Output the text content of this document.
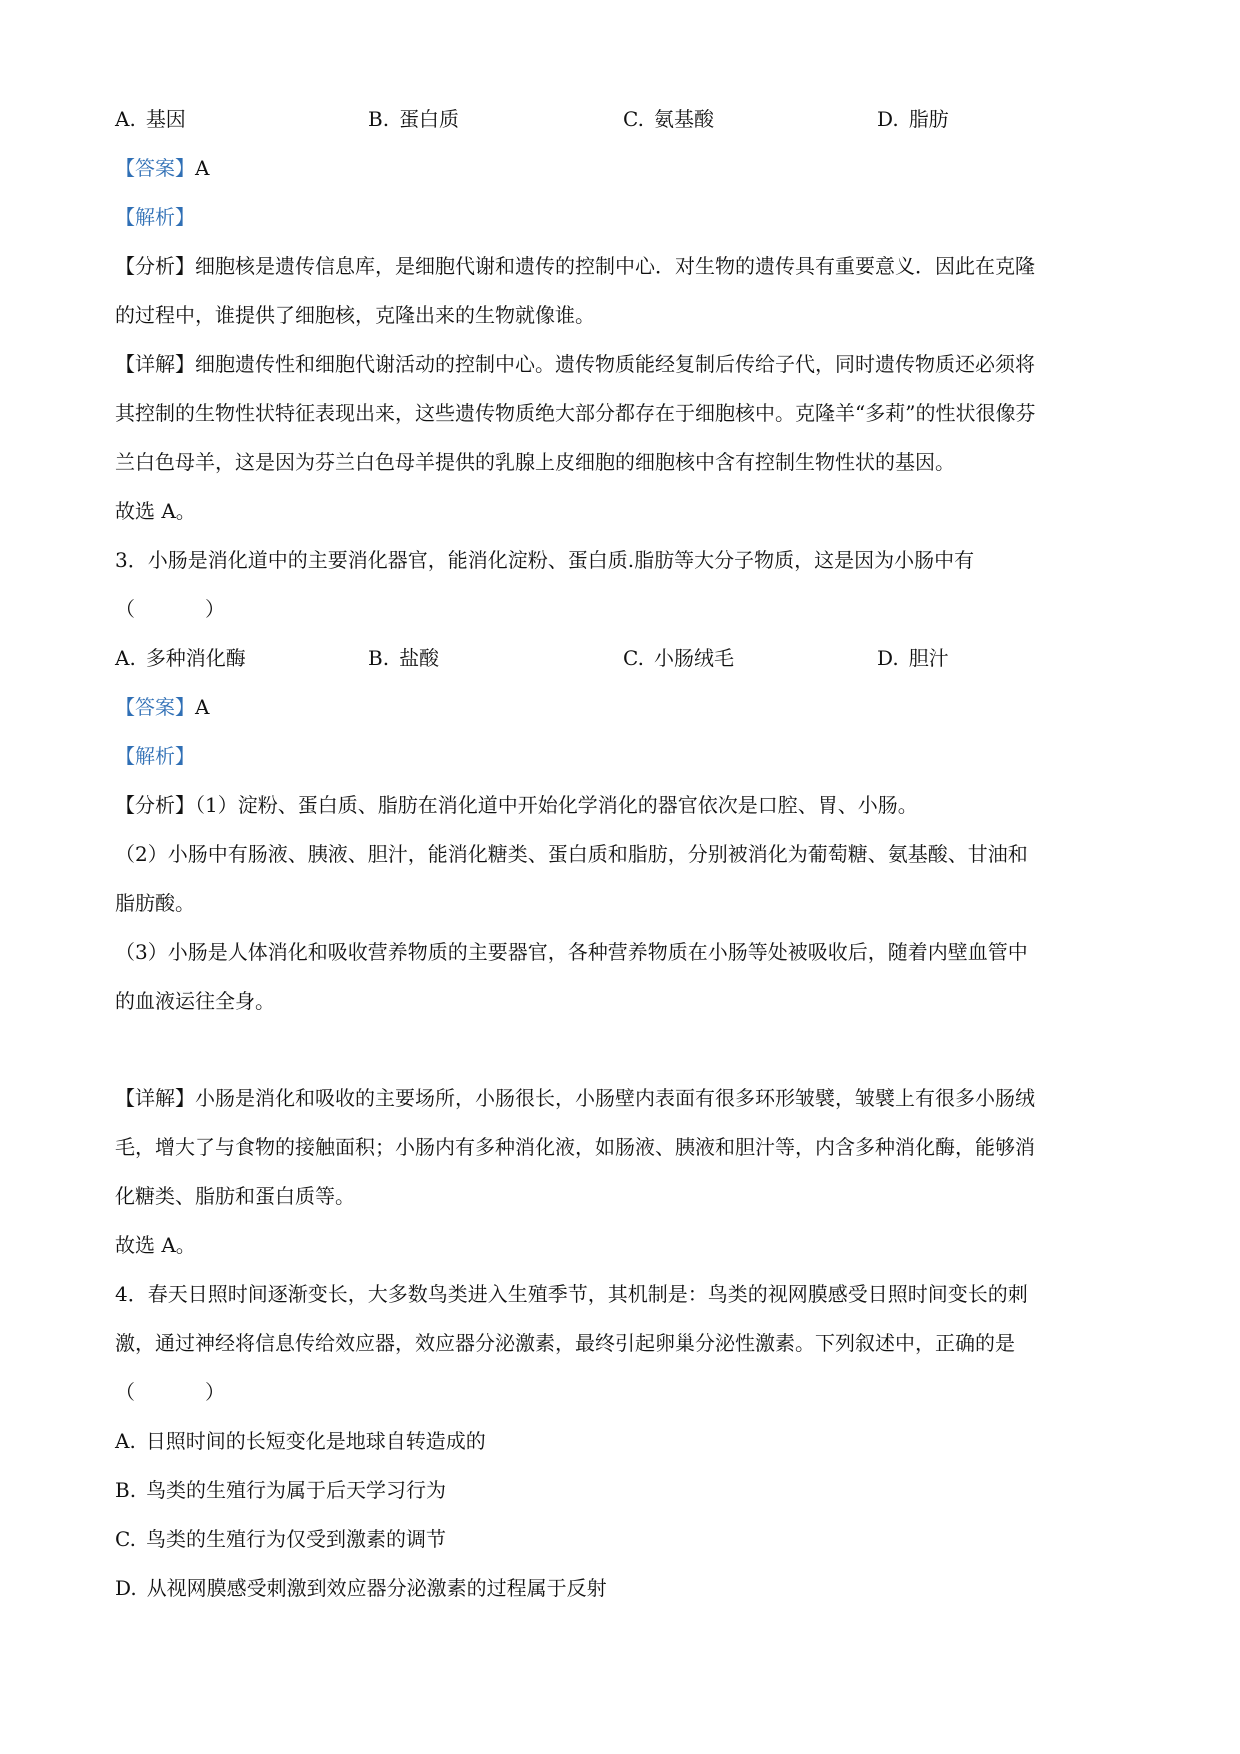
A. 基因	B. 蛋白质	C. 氨基酸	D. 脂肪
【答案】A
【解析】
【分析】细胞核是遗传信息库，是细胞代谢和遗传的控制中心．对生物的遗传具有重要意义．因此在克隆
的过程中，谁提供了细胞核，克隆出来的生物就像谁。
【详解】细胞遗传性和细胞代谢活动的控制中心。遗传物质能经复制后传给子代，同时遗传物质还必须将
其控制的生物性状特征表现出来，这些遗传物质绝大部分都存在于细胞核中。克隆羊“多莉”的性状很像芬
兰白色母羊，这是因为芬兰白色母羊提供的乳腺上皮细胞的细胞核中含有控制生物性状的基因。
故选 A。
3．小肠是消化道中的主要消化器官，能消化淀粉、蛋白质.脂肪等大分子物质，这是因为小肠中有
（	）
A. 多种消化酶	B. 盐酸	C. 小肠绒毛	D. 胆汁
【答案】A
【解析】
【分析】（1）淀粉、蛋白质、脂肪在消化道中开始化学消化的器官依次是口腔、胃、小肠。
（2）小肠中有肠液、胰液、胆汁，能消化糖类、蛋白质和脂肪，分别被消化为葡萄糖、氨基酸、甘油和
脂肪酸。
（3）小肠是人体消化和吸收营养物质的主要器官，各种营养物质在小肠等处被吸收后，随着内壁血管中
的血液运往全身。
【详解】小肠是消化和吸收的主要场所，小肠很长，小肠壁内表面有很多环形皱襞，皱襞上有很多小肠绒
毛，增大了与食物的接触面积；小肠内有多种消化液，如肠液、胰液和胆汁等，内含多种消化酶，能够消
化糖类、脂肪和蛋白质等。
故选 A。
4．春天日照时间逐渐变长，大多数鸟类进入生殖季节，其机制是：鸟类的视网膜感受日照时间变长的刺
激，通过神经将信息传给效应器，效应器分泌激素，最终引起卵巢分泌性激素。下列叙述中，正确的是
（	）
A. 日照时间的长短变化是地球自转造成的
B. 鸟类的生殖行为属于后天学习行为
C. 鸟类的生殖行为仅受到激素的调节
D. 从视网膜感受刺激到效应器分泌激素的过程属于反射
